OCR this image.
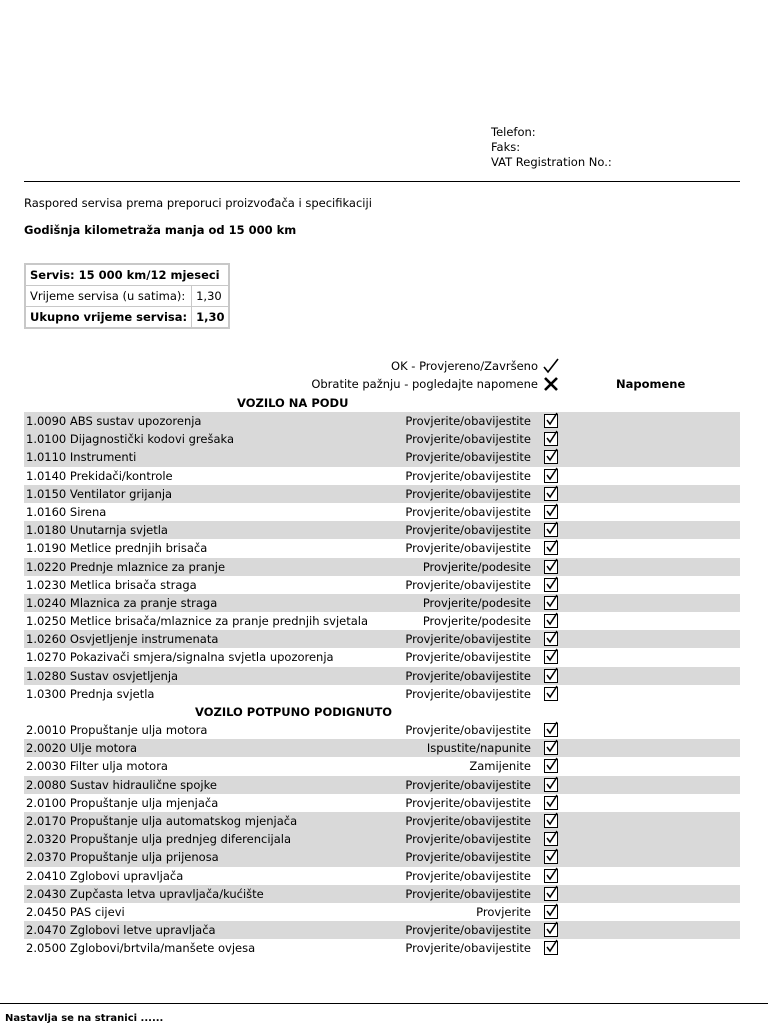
Telefon:
Faks:
VAT Registration No.:
Raspored servisa prema preporuci proizvođača i specifikaciji
Godišnja kilometraža manja od 15 000 km
Servis: 15 000 km/12 mjeseci	
Vrijeme servisa (u satima):	1,30
Ukupno vrijeme servisa:	1,30
OK - Provjereno/Završeno
Obratite pažnju - pogledajte napomene	Napomene
VOZILO NA PODU
1.0090 ABS sustav upozorenja	Provjerite/obavijestite
1.0100 Dijagnostički kodovi grešaka	Provjerite/obavijestite
1.0110 Instrumenti	Provjerite/obavijestite
1.0140 Prekidači/kontrole	Provjerite/obavijestite
1.0150 Ventilator grijanja	Provjerite/obavijestite
1.0160 Sirena	Provjerite/obavijestite
1.0180 Unutarnja svjetla	Provjerite/obavijestite
1.0190 Metlice prednjih brisača	Provjerite/obavijestite
1.0220 Prednje mlaznice za pranje	Provjerite/podesite
1.0230 Metlica brisača straga	Provjerite/obavijestite
1.0240 Mlaznica za pranje straga	Provjerite/podesite
1.0250 Metlice brisača/mlaznice za pranje prednjih svjetala	Provjerite/podesite
1.0260 Osvjetljenje instrumenata	Provjerite/obavijestite
1.0270 Pokazivači smjera/signalna svjetla upozorenja	Provjerite/obavijestite
1.0280 Sustav osvjetljenja	Provjerite/obavijestite
1.0300 Prednja svjetla	Provjerite/obavijestite
VOZILO POTPUNO PODIGNUTO
2.0010 Propuštanje ulja motora	Provjerite/obavijestite
2.0020 Ulje motora	Ispustite/napunite
2.0030 Filter ulja motora	Zamijenite
2.0080 Sustav hidraulične spojke	Provjerite/obavijestite
2.0100 Propuštanje ulja mjenjača	Provjerite/obavijestite
2.0170 Propuštanje ulja automatskog mjenjača	Provjerite/obavijestite
2.0320 Propuštanje ulja prednjeg diferencijala	Provjerite/obavijestite
2.0370 Propuštanje ulja prijenosa	Provjerite/obavijestite
2.0410 Zglobovi upravljača	Provjerite/obavijestite
2.0430 Zupčasta letva upravljača/kućište	Provjerite/obavijestite
2.0450 PAS cijevi	Provjerite
2.0470 Zglobovi letve upravljača	Provjerite/obavijestite
2.0500 Zglobovi/brtvila/manšete ovjesa	Provjerite/obavijestite
Nastavlja se na stranici ......
